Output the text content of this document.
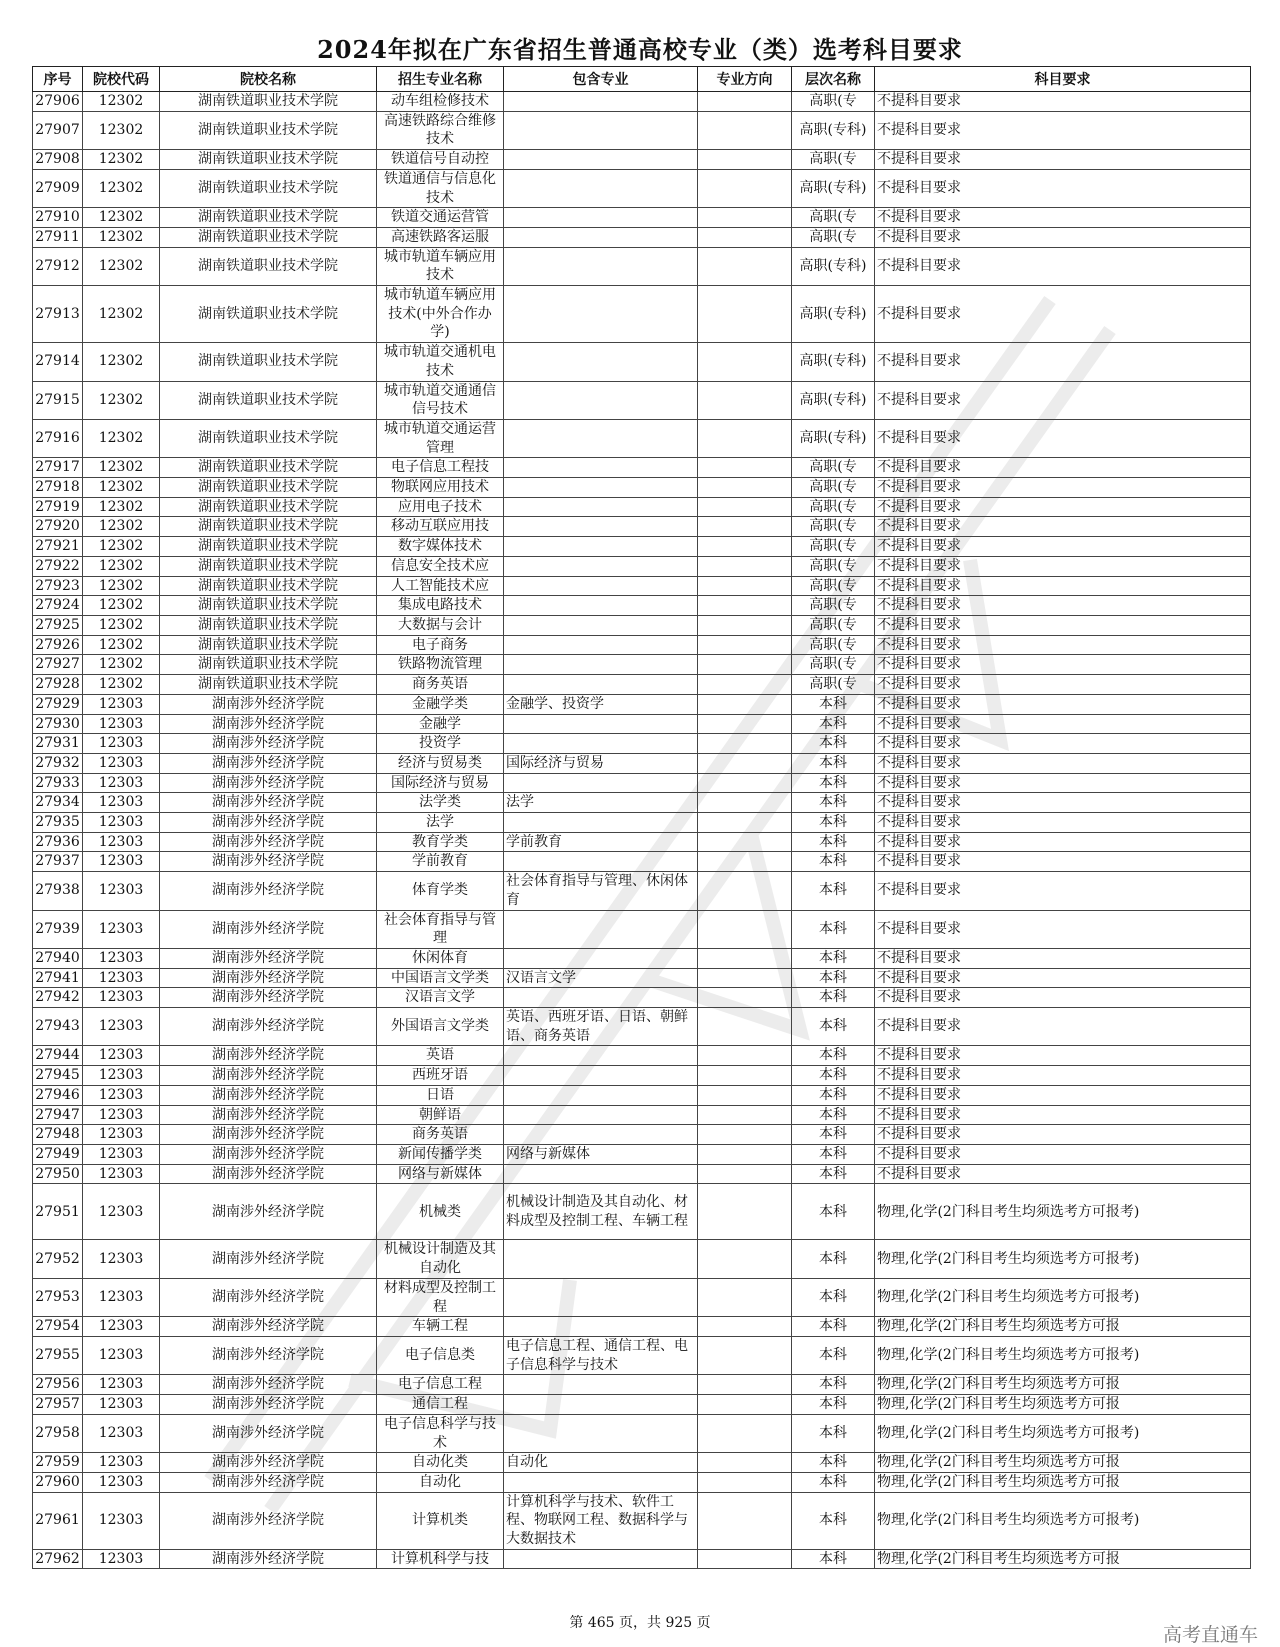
2024年拟在广东省招生普通高校专业（类）选考科目要求
序号	院校代码	院校名称	招生专业名称	包含专业	专业方向	层次名称	科目要求
27906	12302	湖南铁道职业技术学院	动车组检修技术			高职(专	不提科目要求
27907	12302	湖南铁道职业技术学院	高速铁路综合维修技术			高职(专科)	不提科目要求
27908	12302	湖南铁道职业技术学院	铁道信号自动控			高职(专	不提科目要求
27909	12302	湖南铁道职业技术学院	铁道通信与信息化技术			高职(专科)	不提科目要求
27910	12302	湖南铁道职业技术学院	铁道交通运营管			高职(专	不提科目要求
27911	12302	湖南铁道职业技术学院	高速铁路客运服			高职(专	不提科目要求
27912	12302	湖南铁道职业技术学院	城市轨道车辆应用技术			高职(专科)	不提科目要求
27913	12302	湖南铁道职业技术学院	城市轨道车辆应用技术(中外合作办学)			高职(专科)	不提科目要求
27914	12302	湖南铁道职业技术学院	城市轨道交通机电技术			高职(专科)	不提科目要求
27915	12302	湖南铁道职业技术学院	城市轨道交通通信信号技术			高职(专科)	不提科目要求
27916	12302	湖南铁道职业技术学院	城市轨道交通运营管理			高职(专科)	不提科目要求
27917	12302	湖南铁道职业技术学院	电子信息工程技			高职(专	不提科目要求
27918	12302	湖南铁道职业技术学院	物联网应用技术			高职(专	不提科目要求
27919	12302	湖南铁道职业技术学院	应用电子技术			高职(专	不提科目要求
27920	12302	湖南铁道职业技术学院	移动互联应用技			高职(专	不提科目要求
27921	12302	湖南铁道职业技术学院	数字媒体技术			高职(专	不提科目要求
27922	12302	湖南铁道职业技术学院	信息安全技术应			高职(专	不提科目要求
27923	12302	湖南铁道职业技术学院	人工智能技术应			高职(专	不提科目要求
27924	12302	湖南铁道职业技术学院	集成电路技术			高职(专	不提科目要求
27925	12302	湖南铁道职业技术学院	大数据与会计			高职(专	不提科目要求
27926	12302	湖南铁道职业技术学院	电子商务			高职(专	不提科目要求
27927	12302	湖南铁道职业技术学院	铁路物流管理			高职(专	不提科目要求
27928	12302	湖南铁道职业技术学院	商务英语			高职(专	不提科目要求
27929	12303	湖南涉外经济学院	金融学类	金融学、投资学		本科	不提科目要求
27930	12303	湖南涉外经济学院	金融学			本科	不提科目要求
27931	12303	湖南涉外经济学院	投资学			本科	不提科目要求
27932	12303	湖南涉外经济学院	经济与贸易类	国际经济与贸易		本科	不提科目要求
27933	12303	湖南涉外经济学院	国际经济与贸易			本科	不提科目要求
27934	12303	湖南涉外经济学院	法学类	法学		本科	不提科目要求
27935	12303	湖南涉外经济学院	法学			本科	不提科目要求
27936	12303	湖南涉外经济学院	教育学类	学前教育		本科	不提科目要求
27937	12303	湖南涉外经济学院	学前教育			本科	不提科目要求
27938	12303	湖南涉外经济学院	体育学类	社会体育指导与管理、休闲体育		本科	不提科目要求
27939	12303	湖南涉外经济学院	社会体育指导与管理			本科	不提科目要求
27940	12303	湖南涉外经济学院	休闲体育			本科	不提科目要求
27941	12303	湖南涉外经济学院	中国语言文学类	汉语言文学		本科	不提科目要求
27942	12303	湖南涉外经济学院	汉语言文学			本科	不提科目要求
27943	12303	湖南涉外经济学院	外国语言文学类	英语、西班牙语、日语、朝鲜语、商务英语		本科	不提科目要求
27944	12303	湖南涉外经济学院	英语			本科	不提科目要求
27945	12303	湖南涉外经济学院	西班牙语			本科	不提科目要求
27946	12303	湖南涉外经济学院	日语			本科	不提科目要求
27947	12303	湖南涉外经济学院	朝鲜语			本科	不提科目要求
27948	12303	湖南涉外经济学院	商务英语			本科	不提科目要求
27949	12303	湖南涉外经济学院	新闻传播学类	网络与新媒体		本科	不提科目要求
27950	12303	湖南涉外经济学院	网络与新媒体			本科	不提科目要求
27951	12303	湖南涉外经济学院	机械类	机械设计制造及其自动化、材料成型及控制工程、车辆工程		本科	物理,化学(2门科目考生均须选考方可报考)
27952	12303	湖南涉外经济学院	机械设计制造及其自动化			本科	物理,化学(2门科目考生均须选考方可报考)
27953	12303	湖南涉外经济学院	材料成型及控制工程			本科	物理,化学(2门科目考生均须选考方可报考)
27954	12303	湖南涉外经济学院	车辆工程			本科	物理,化学(2门科目考生均须选考方可报
27955	12303	湖南涉外经济学院	电子信息类	电子信息工程、通信工程、电子信息科学与技术		本科	物理,化学(2门科目考生均须选考方可报考)
27956	12303	湖南涉外经济学院	电子信息工程			本科	物理,化学(2门科目考生均须选考方可报
27957	12303	湖南涉外经济学院	通信工程			本科	物理,化学(2门科目考生均须选考方可报
27958	12303	湖南涉外经济学院	电子信息科学与技术			本科	物理,化学(2门科目考生均须选考方可报考)
27959	12303	湖南涉外经济学院	自动化类	自动化		本科	物理,化学(2门科目考生均须选考方可报
27960	12303	湖南涉外经济学院	自动化			本科	物理,化学(2门科目考生均须选考方可报
27961	12303	湖南涉外经济学院	计算机类	计算机科学与技术、软件工程、物联网工程、数据科学与大数据技术		本科	物理,化学(2门科目考生均须选考方可报考)
27962	12303	湖南涉外经济学院	计算机科学与技			本科	物理,化学(2门科目考生均须选考方可报
第 465 页，共 925 页
高考直通车
